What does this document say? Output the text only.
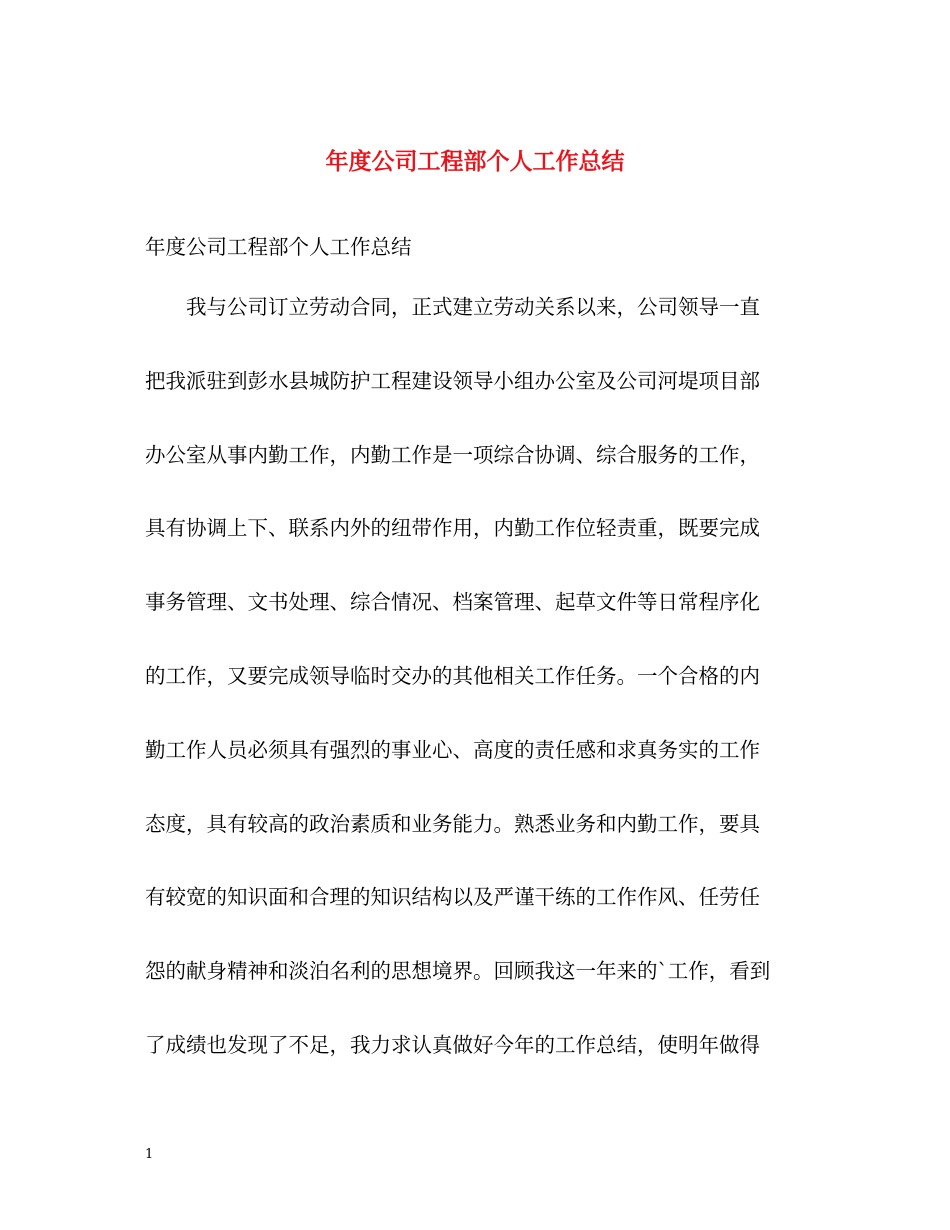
年度公司工程部个人工作总结

年度公司工程部个人工作总结

我与公司订立劳动合同，正式建立劳动关系以来，公司领导一直
把我派驻到彭水县城防护工程建设领导小组办公室及公司河堤项目部
办公室从事内勤工作，内勤工作是一项综合协调、综合服务的工作，
具有协调上下、联系内外的纽带作用，内勤工作位轻责重，既要完成
事务管理、文书处理、综合情况、档案管理、起草文件等日常程序化
的工作，又要完成领导临时交办的其他相关工作任务。一个合格的内
勤工作人员必须具有强烈的事业心、高度的责任感和求真务实的工作
态度，具有较高的政治素质和业务能力。熟悉业务和内勤工作，要具
有较宽的知识面和合理的知识结构以及严谨干练的工作作风、任劳任
怨的献身精神和淡泊名利的思想境界。回顾我这一年来的`工作，看到
了成绩也发现了不足，我力求认真做好今年的工作总结，使明年做得
1
